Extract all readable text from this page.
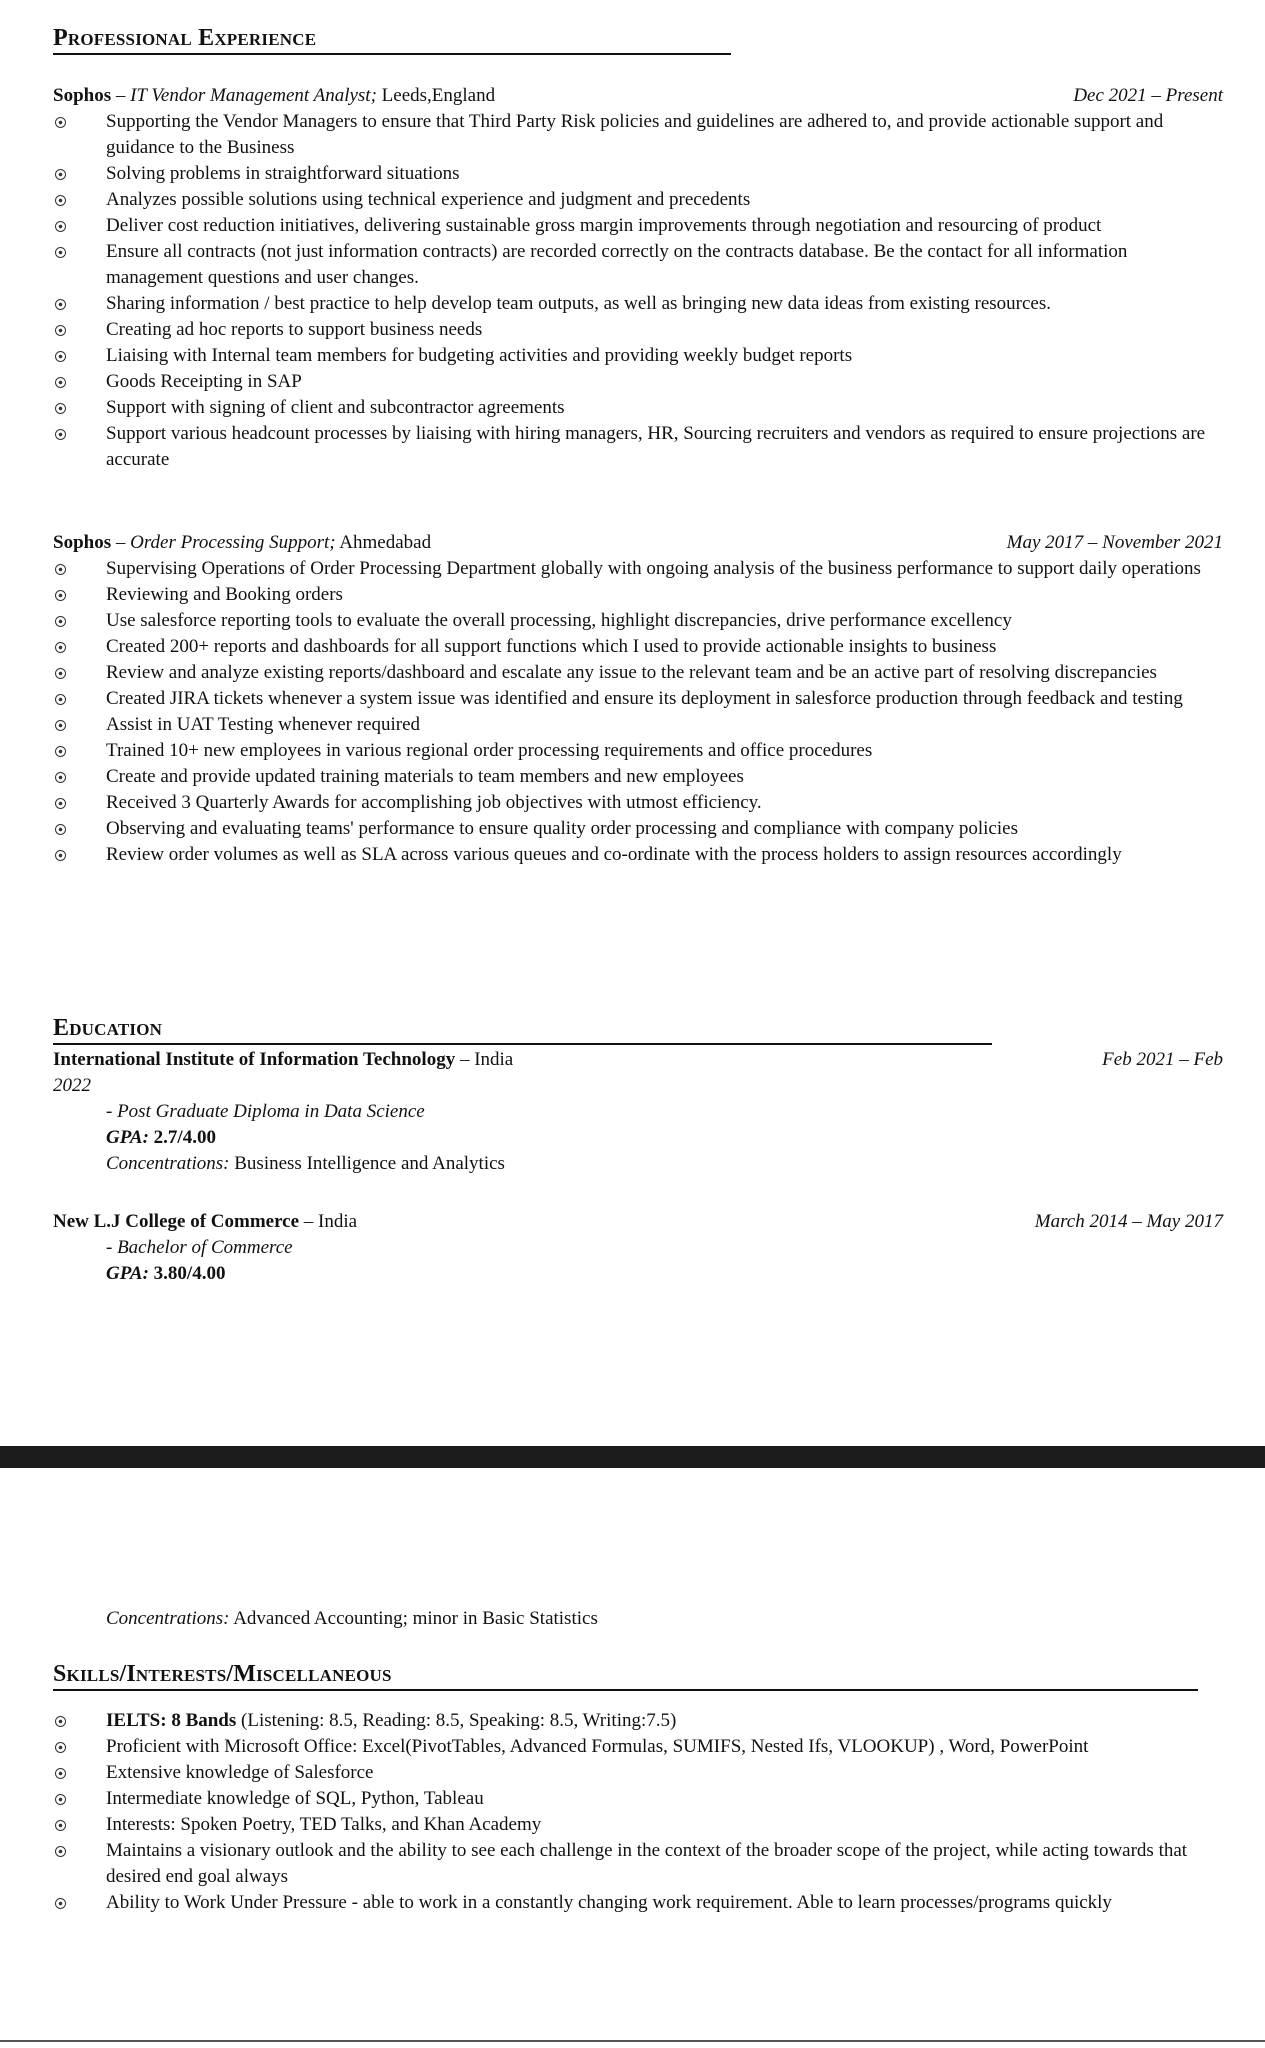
Professional Experience
Sophos – IT Vendor Management Analyst; Leeds,England	Dec 2021 – Present
Supporting the Vendor Managers to ensure that Third Party Risk policies and guidelines are adhered to, and provide actionable support and guidance to the Business
Solving problems in straightforward situations
Analyzes possible solutions using technical experience and judgment and precedents
Deliver cost reduction initiatives, delivering sustainable gross margin improvements through negotiation and resourcing of product
Ensure all contracts (not just information contracts) are recorded correctly on the contracts database. Be the contact for all information management questions and user changes.
Sharing information / best practice to help develop team outputs, as well as bringing new data ideas from existing resources.
Creating ad hoc reports to support business needs
Liaising with Internal team members for budgeting activities and providing weekly budget reports
Goods Receipting in SAP
Support with signing of client and subcontractor agreements
Support various headcount processes by liaising with hiring managers, HR, Sourcing recruiters and vendors as required to ensure projections are accurate
Sophos – Order Processing Support; Ahmedabad	May 2017 – November 2021
Supervising Operations of Order Processing Department globally with ongoing analysis of the business performance to support daily operations
Reviewing and Booking orders
Use salesforce reporting tools to evaluate the overall processing, highlight discrepancies, drive performance excellency
Created 200+ reports and dashboards for all support functions which I used to provide actionable insights to business
Review and analyze existing reports/dashboard and escalate any issue to the relevant team and be an active part of resolving discrepancies
Created JIRA tickets whenever a system issue was identified and ensure its deployment in salesforce production through feedback and testing
Assist in UAT Testing whenever required
Trained 10+ new employees in various regional order processing requirements and office procedures
Create and provide updated training materials to team members and new employees
Received 3 Quarterly Awards for accomplishing job objectives with utmost efficiency.
Observing and evaluating teams' performance to ensure quality order processing and compliance with company policies
Review order volumes as well as SLA across various queues and co-ordinate with the process holders to assign resources accordingly
Education
International Institute of Information Technology – India	Feb 2021 – Feb
2022
- Post Graduate Diploma in Data Science
GPA: 2.7/4.00
Concentrations: Business Intelligence and Analytics
New L.J College of Commerce – India	March 2014 – May 2017
- Bachelor of Commerce
GPA: 3.80/4.00
Concentrations: Advanced Accounting; minor in Basic Statistics
Skills/Interests/Miscellaneous
IELTS: 8 Bands (Listening: 8.5, Reading: 8.5, Speaking: 8.5, Writing:7.5)
Proficient with Microsoft Office: Excel(PivotTables, Advanced Formulas, SUMIFS, Nested Ifs, VLOOKUP) , Word, PowerPoint
Extensive knowledge of Salesforce
Intermediate knowledge of SQL, Python, Tableau
Interests: Spoken Poetry, TED Talks, and Khan Academy
Maintains a visionary outlook and the ability to see each challenge in the context of the broader scope of the project, while acting towards that desired end goal always
Ability to Work Under Pressure - able to work in a constantly changing work requirement. Able to learn processes/programs quickly
